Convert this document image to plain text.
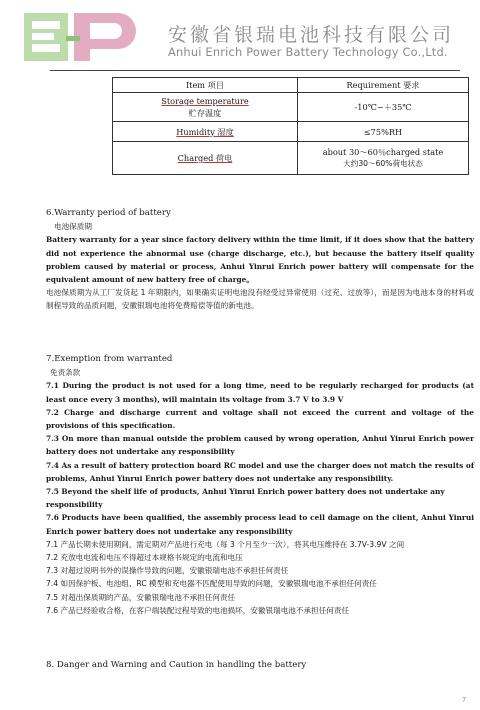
安徽省银瑞电池科技有限公司
Anhui Enrich Power Battery Technology Co.,Ltd.
Item 项目	Requirement 要求

Storage temperature
贮存温度	-10℃~＋35℃
Humidity 湿度	≤75%RH
Charged 荷电	about 30～60％charged state
大约30～60%荷电状态

6.Warranty period of battery

电池保质期

Battery warranty for a year since factory delivery within the time limit, if it does show that the battery did not experience the abnormal use (charge discharge, etc.), but because the battery itself quality problem caused by material or process, Anhui Yinrui Enrich power battery will compensate for the equivalent amount of new battery free of charge。

电池保质期为从工厂发货起 1 年期限内，如果确实证明电池没有经受过异常使用（过充、过放等），而是因为电池本身的材料或制程导致的品质问题，安徽银瑞电池将免费赔偿等值的新电池。

7.Exemption from warranted

免责条款

7.1 During the product is not used for a long time, need to be regularly recharged for products (at least once every 3 months), will maintain its voltage from 3.7 V to 3.9 V

7.2 Charge and discharge current and voltage shall not exceed the current and voltage of the provisions of this specification.

7.3 On more than manual outside the problem caused by wrong operation, Anhui Yinrui Enrich power battery does not undertake any responsibility

7.4 As a result of battery protection board RC model and use the charger does not match the results of problems, Anhui Yinrui Enrich power battery does not undertake any responsibility.

7.5 Beyond the shelf life of products, Anhui Yinrui Enrich power battery does not undertake any responsibility

7.6 Products have been qualified, the assembly process lead to cell damage on the client, Anhui Yinrui Enrich power battery does not undertake any responsibility

7.1 产品长期未使用期间，需定期对产品进行充电（每 3 个月至少一次），将其电压维持在 3.7V-3.9V 之间

7.2 充放电电流和电压不得超过本规格书规定的电流和电压

7.3 对超过说明书外的误操作导致的问题，安徽银瑞电池不承担任何责任

7.4 如因保护板、电池组、RC 模型和充电器不匹配使用导致的问题，安徽银瑞电池不承担任何责任

7.5 对超出保质期的产品，安徽银瑞电池不承担任何责任

7.6 产品已经验收合格，在客户端装配过程导致的电池损坏，安徽银瑞电池不承担任何责任

8. Danger and Warning and Caution in handling the battery

7
